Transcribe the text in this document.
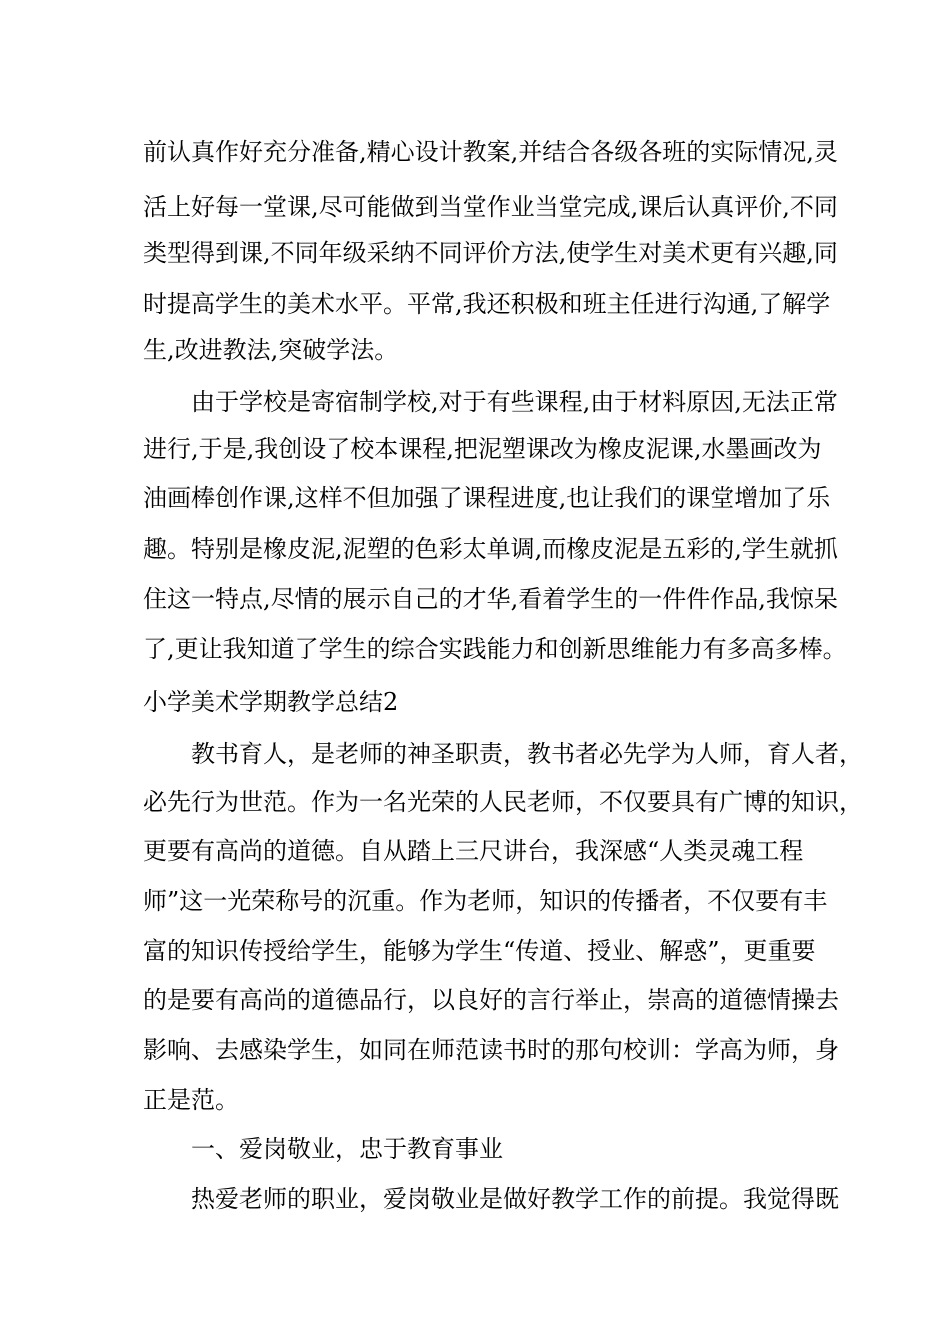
前认真作好充分准备,精心设计教案,并结合各级各班的实际情况,灵
活上好每一堂课,尽可能做到当堂作业当堂完成,课后认真评价,不同
类型得到课,不同年级采纳不同评价方法,使学生对美术更有兴趣,同
时提高学生的美术水平。平常,我还积极和班主任进行沟通,了解学
生,改进教法,突破学法。
由于学校是寄宿制学校,对于有些课程,由于材料原因,无法正常
进行,于是,我创设了校本课程,把泥塑课改为橡皮泥课,水墨画改为
油画棒创作课,这样不但加强了课程进度,也让我们的课堂增加了乐
趣。特别是橡皮泥,泥塑的色彩太单调,而橡皮泥是五彩的,学生就抓
住这一特点,尽情的展示自己的才华,看着学生的一件件作品,我惊呆
了,更让我知道了学生的综合实践能力和创新思维能力有多高多棒。
小学美术学期教学总结2
教书育人，是老师的神圣职责，教书者必先学为人师，育人者，
必先行为世范。作为一名光荣的人民老师，不仅要具有广博的知识，
更要有高尚的道德。自从踏上三尺讲台，我深感“人类灵魂工程
师”这一光荣称号的沉重。作为老师，知识的传播者，不仅要有丰
富的知识传授给学生，能够为学生“传道、授业、解惑”，更重要
的是要有高尚的道德品行，以良好的言行举止，崇高的道德情操去
影响、去感染学生，如同在师范读书时的那句校训：学高为师，身
正是范。
一、爱岗敬业，忠于教育事业
热爱老师的职业，爱岗敬业是做好教学工作的前提。我觉得既
